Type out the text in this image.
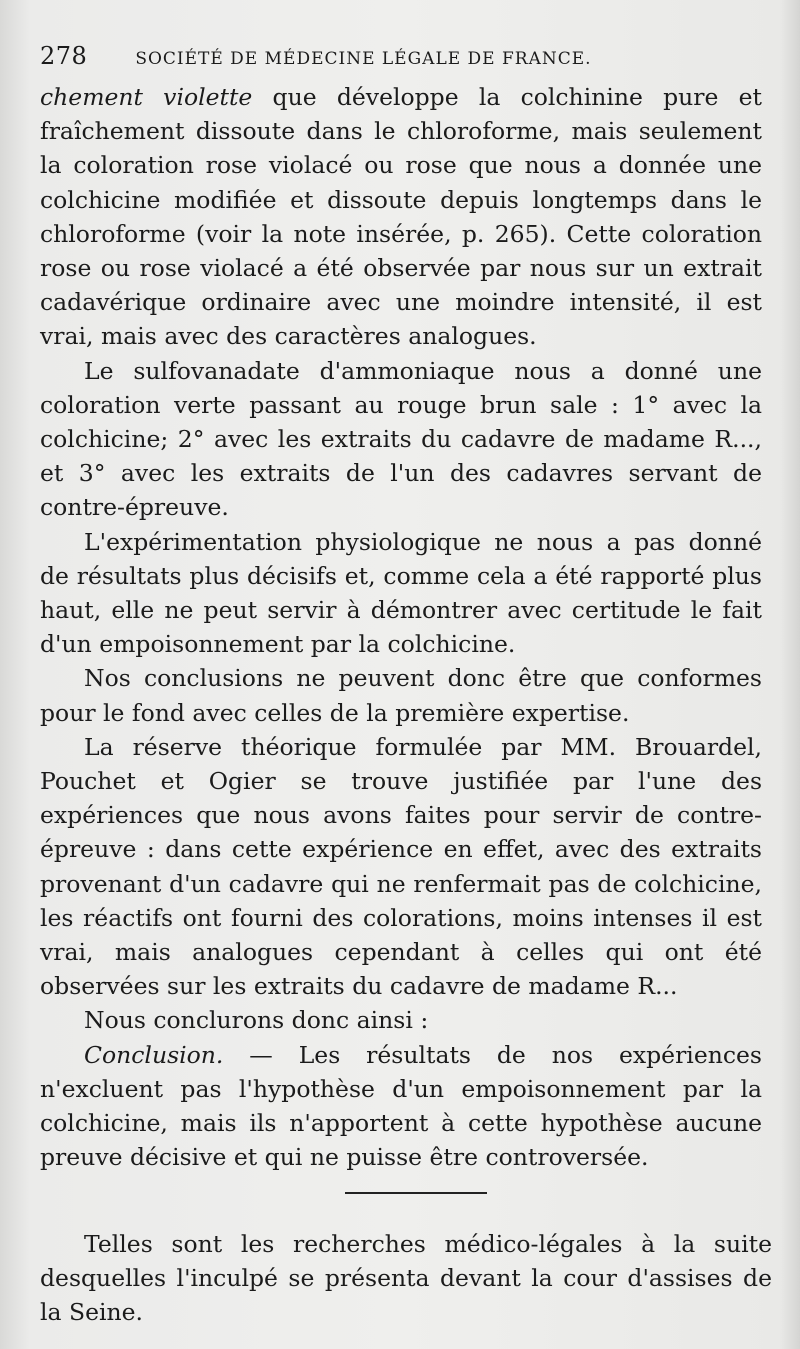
278	SOCIÉTÉ DE MÉDECINE LÉGALE DE FRANCE.

chement violette que développe la colchinine pure et fraîchement dissoute dans le chloroforme, mais seulement la coloration rose violacé ou rose que nous a donnée une colchicine modifiée et dissoute depuis longtemps dans le chloroforme (voir la note insérée, p. 265). Cette coloration rose ou rose violacé a été observée par nous sur un extrait cadavérique ordinaire avec une moindre intensité, il est vrai, mais avec des caractères analogues.

Le sulfovanadate d'ammoniaque nous a donné une coloration verte passant au rouge brun sale : 1° avec la colchicine; 2° avec les extraits du cadavre de madame R..., et 3° avec les extraits de l'un des cadavres servant de contre-épreuve.

L'expérimentation physiologique ne nous a pas donné de résultats plus décisifs et, comme cela a été rapporté plus haut, elle ne peut servir à démontrer avec certitude le fait d'un empoisonnement par la colchicine.

Nos conclusions ne peuvent donc être que conformes pour le fond avec celles de la première expertise.

La réserve théorique formulée par MM. Brouardel, Pouchet et Ogier se trouve justifiée par l'une des expériences que nous avons faites pour servir de contre-épreuve : dans cette expérience en effet, avec des extraits provenant d'un cadavre qui ne renfermait pas de colchicine, les réactifs ont fourni des colorations, moins intenses il est vrai, mais analogues cependant à celles qui ont été observées sur les extraits du cadavre de madame R...

Nous conclurons donc ainsi :

Conclusion. — Les résultats de nos expériences n'excluent pas l'hypothèse d'un empoisonnement par la colchicine, mais ils n'apportent à cette hypothèse aucune preuve décisive et qui ne puisse être controversée.

Telles sont les recherches médico-légales à la suite desquelles l'inculpé se présenta devant la cour d'assises de la Seine.
